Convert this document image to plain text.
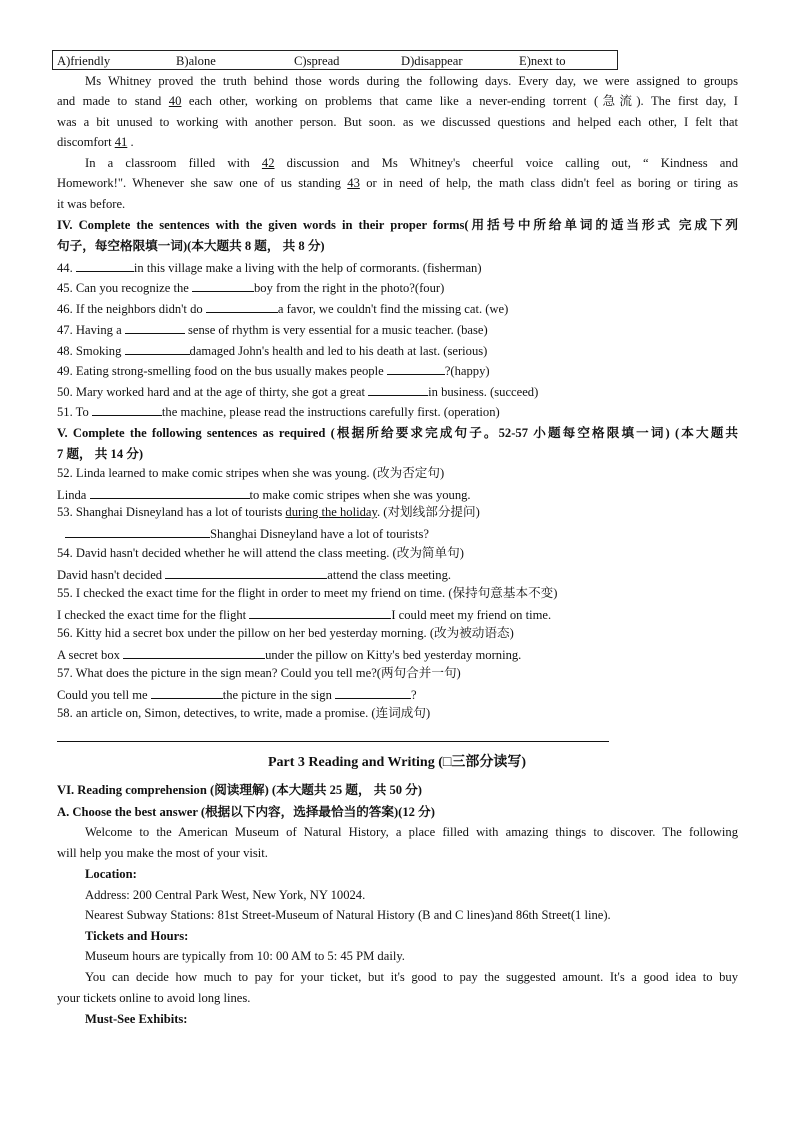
A)friendly	B)alone	C)spread	D)disappear	E)next to
Ms Whitney proved the truth behind those words during the following days. Every day, we were assigned to groups
and made to stand 40 each other, working on problems that came like a never-ending torrent (急流). The first day, I
was a bit unused to working with another person. But soon. as we discussed questions and helped each other, I felt that
discomfort 41 .
In a classroom filled with 42 discussion and Ms Whitney's cheerful voice calling out, “ Kindness and
Homework!". Whenever she saw one of us standing 43 or in need of help, the math class didn't feel as boring or tiring as
it was before.
IV. Complete the sentences with the given words in their proper forms(用括号中所给单词的适当形式 完成下列
句子，每空格限填一词)(本大题共 8 题， 共 8 分)
44.	in this village make a living with the help of cormorants. (fisherman)
45. Can you recognize the	boy from the right in the photo?(four)
46. If the neighbors didn't do	a favor, we couldn't find the missing cat. (we)
47. Having a	sense of rhythm is very essential for a music teacher. (base)
48. Smoking	damaged John's health and led to his death at last. (serious)
49. Eating strong-smelling food on the bus usually makes people	?(happy)
50. Mary worked hard and at the age of thirty, she got a great	in business. (succeed)
51. To	the machine, please read the instructions carefully first. (operation)
V. Complete the following sentences as required (根据所给要求完成句子。52-57 小题每空格限填一词) (本大题共
7 题， 共 14 分)
52. Linda learned to make comic stripes when she was young. (改为否定句)
Linda	to make comic stripes when she was young.
53. Shanghai Disneyland has a lot of tourists during the holiday. (对划线部分提问)
Shanghai Disneyland have a lot of tourists?
54. David hasn't decided whether he will attend the class meeting. (改为简单句)
David hasn't decided	attend the class meeting.
55. I checked the exact time for the flight in order to meet my friend on time. (保持句意基本不变)
I checked the exact time for the flight	I could meet my friend on time.
56. Kitty hid a secret box under the pillow on her bed yesterday morning. (改为被动语态)
A secret box	under the pillow on Kitty's bed yesterday morning.
57. What does the picture in the sign mean? Could you tell me?(两句合并一句)
Could you tell me	the picture in the sign	?
58. an article on, Simon, detectives, to write, made a promise. (连词成句)
Part 3 Reading and Writing (□三部分读写)
VI. Reading comprehension (阅读理解) (本大题共 25 题， 共 50 分)
A. Choose the best answer (根据以下内容，选择最恰当的答案)(12 分)
Welcome to the American Museum of Natural History, a place filled with amazing things to discover. The following
will help you make the most of your visit.
Location:
Address: 200 Central Park West, New York, NY 10024.
Nearest Subway Stations: 81st Street-Museum of Natural History (B and C lines)and 86th Street(1 line).
Tickets and Hours:
Museum hours are typically from 10: 00 AM to 5: 45 PM daily.
You can decide how much to pay for your ticket, but it's good to pay the suggested amount. It's a good idea to buy
your tickets online to avoid long lines.
Must-See Exhibits:
